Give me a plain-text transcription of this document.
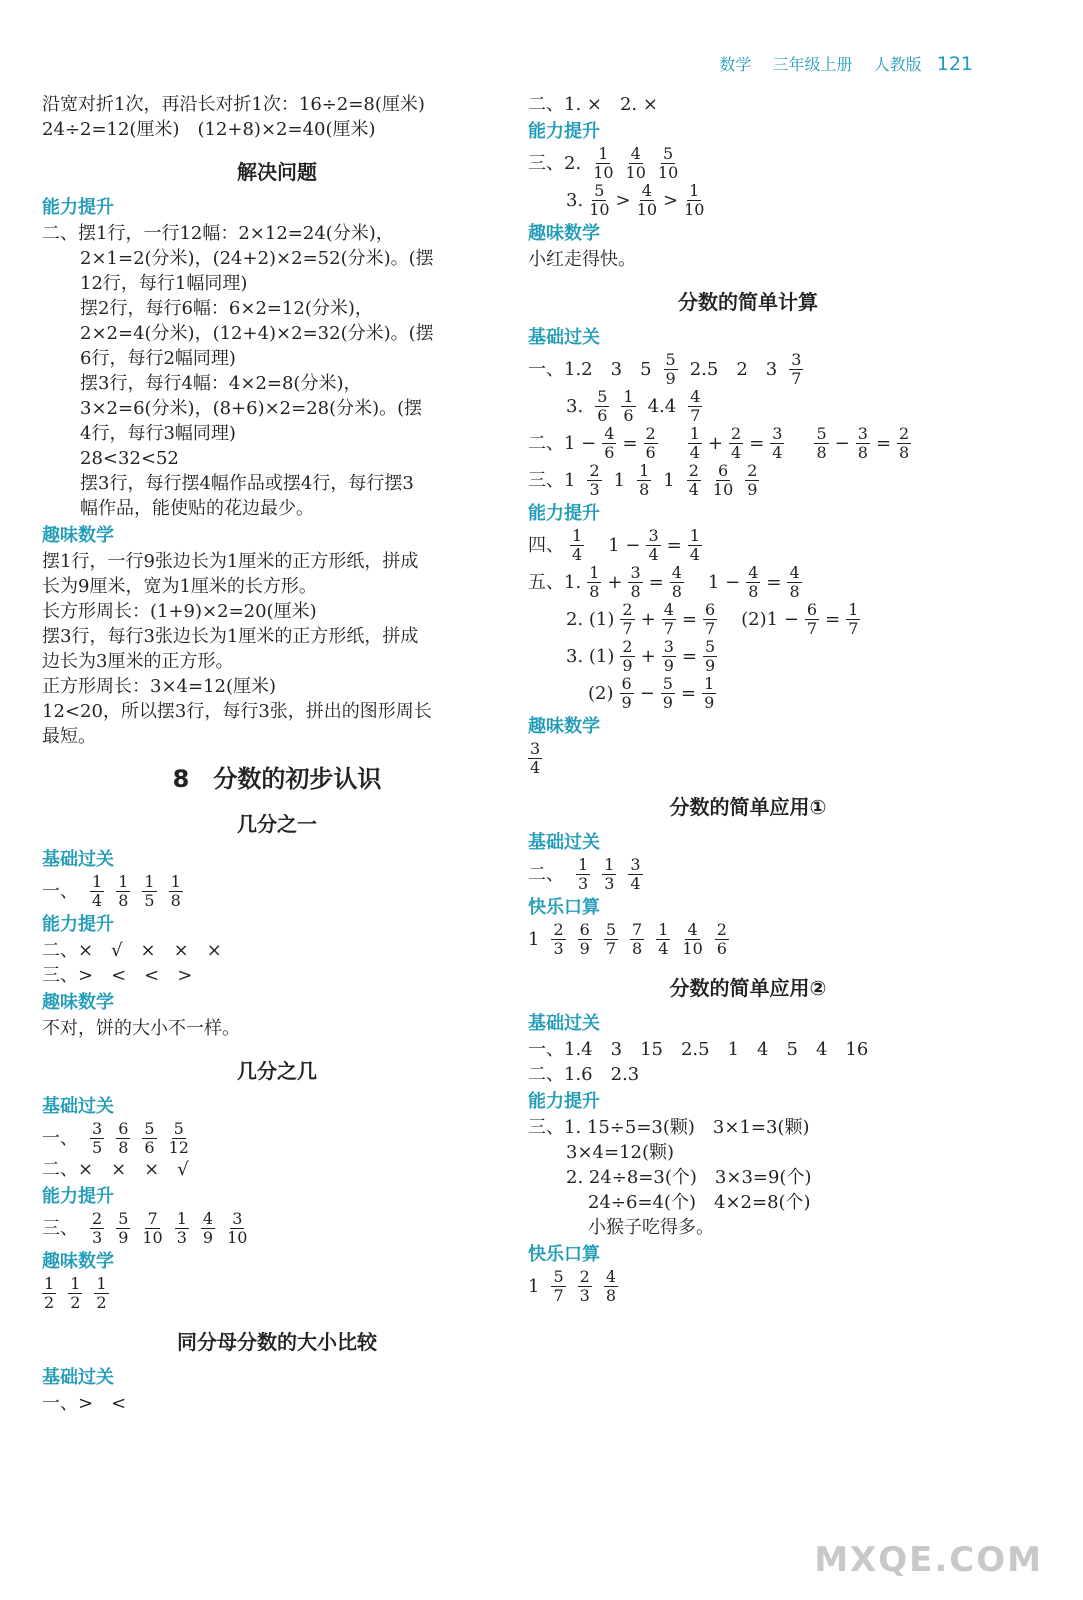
数学　 三年级上册　 人教版 121
沿宽对折1次，再沿长对折1次：16÷2=8(厘米)
24÷2=12(厘米)　(12+8)×2=40(厘米)
解决问题
能力提升
二、摆1行，一行12幅：2×12=24(分米)，
2×1=2(分米)，(24+2)×2=52(分米)。(摆
12行，每行1幅同理)
摆2行，每行6幅：6×2=12(分米)，
2×2=4(分米)，(12+4)×2=32(分米)。(摆
6行，每行2幅同理)
摆3行，每行4幅：4×2=8(分米)，
3×2=6(分米)，(8+6)×2=28(分米)。(摆
4行，每行3幅同理)
28<32<52
摆3行，每行摆4幅作品或摆4行，每行摆3
幅作品，能使贴的花边最少。
趣味数学
摆1行，一行9张边长为1厘米的正方形纸，拼成
长为9厘米，宽为1厘米的长方形。
长方形周长：(1+9)×2=20(厘米)
摆3行，每行3张边长为1厘米的正方形纸，拼成
边长为3厘米的正方形。
正方形周长：3×4=12(厘米)
12<20，所以摆3行，每行3张，拼出的图形周长
最短。
8　分数的初步认识
几分之一
基础过关
一、 $\frac{1}{4} \frac{1}{8} \frac{1}{5} \frac{1}{8}$
能力提升
二、×　√　×　×　×
三、>　<　<　>
趣味数学
不对，饼的大小不一样。
几分之几
基础过关
一、 $\frac{3}{5} \frac{6}{8} \frac{5}{6} \frac{5}{12}$
二、×　×　×　√
能力提升
三、 $\frac{2}{3} \frac{5}{9} \frac{7}{10} \frac{1}{3} \frac{4}{9} \frac{3}{10}$
趣味数学
$\frac{1}{2} \frac{1}{2} \frac{1}{2}$
同分母分数的大小比较
基础过关
一、>　<
二、1. ×　2. ×
能力提升
三、2. $\frac{1}{10} \frac{4}{10} \frac{5}{10}$
3. $\frac{5}{10} > \frac{4}{10} > \frac{1}{10}$
趣味数学
小红走得快。
分数的简单计算
基础过关
一、1.2　3　$5 \frac{5}{9} 2.5$　2　$3 \frac{3}{7}$
3. $\frac{5}{6} \frac{1}{6} 4.4 \frac{4}{7}$
二、$1 - \frac{4}{6} = \frac{2}{6}$
　 $\frac{1}{4} + \frac{2}{4} = \frac{3}{4}$
　 $\frac{5}{8} - \frac{3}{8} = \frac{2}{8}$
三、$1 \frac{2}{3} 1 \frac{1}{8} 1 \frac{2}{4} \frac{6}{10} \frac{2}{9}$
能力提升
四、 $\frac{1}{4}$ 　$1 - \frac{3}{4} = \frac{1}{4}$
五、1. $\frac{1}{8} + \frac{3}{8} = \frac{4}{8}$ 　$1 - \frac{4}{8} = \frac{4}{8}$
2. $(1) \frac{2}{7} + \frac{4}{7} = \frac{6}{7}$ 　$(2)1 - \frac{6}{7} = \frac{1}{7}$
3. $(1) \frac{2}{9} + \frac{3}{9} = \frac{5}{9}$
$(2) \frac{6}{9} - \frac{5}{9} = \frac{1}{9}$
趣味数学
$\frac{3}{4}$
分数的简单应用①
基础过关
二、 $\frac{1}{3} \frac{1}{3} \frac{3}{4}$
快乐口算
$1 \frac{2}{3} \frac{6}{9} \frac{5}{7} \frac{7}{8} \frac{1}{4} \frac{4}{10} \frac{2}{6}$
分数的简单应用②
基础过关
一、1.4　3　15　2.5　1　4　5　4　16
二、1.6　2.3
能力提升
三、1. 15÷5=3(颗)　3×1=3(颗)
3×4=12(颗)
2. 24÷8=3(个)　3×3=9(个)
24÷6=4(个)　4×2=8(个)
小猴子吃得多。
快乐口算
$1 \frac{5}{7} \frac{2}{3} \frac{4}{8}$
MXQE.COM
